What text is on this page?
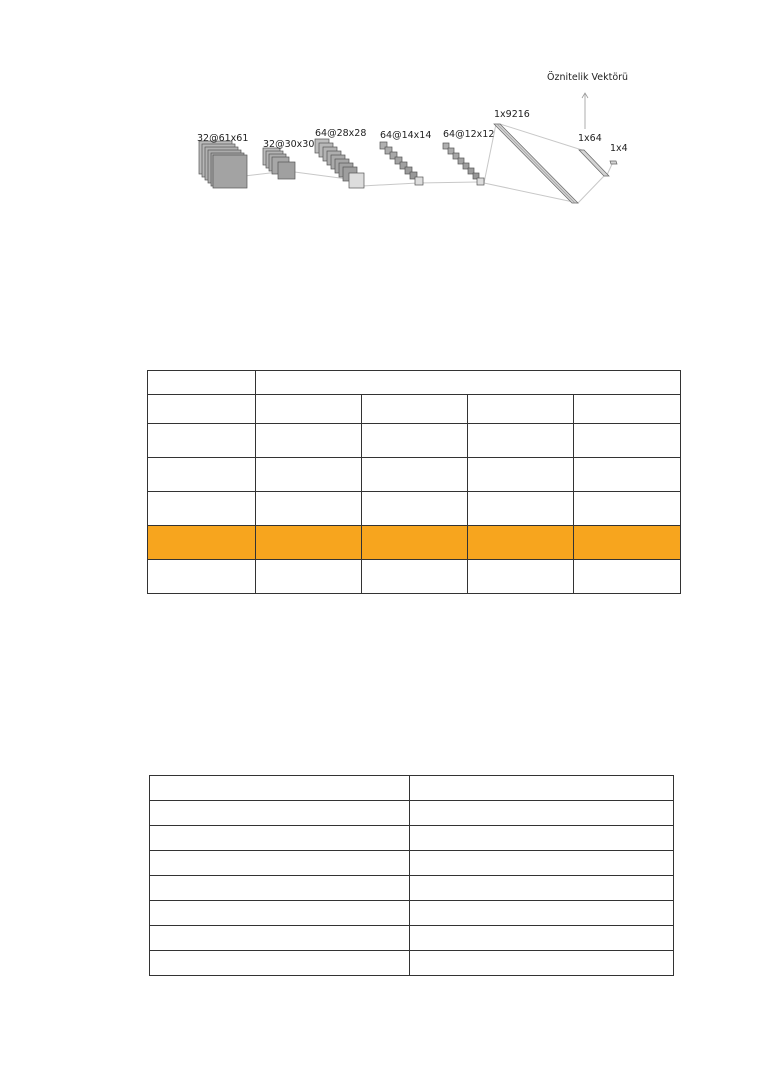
32@61x61
32@30x30
64@28x28 64@14x14 64@12x12
1x9216
1x64
1x4
Öznitelik Vektörü
